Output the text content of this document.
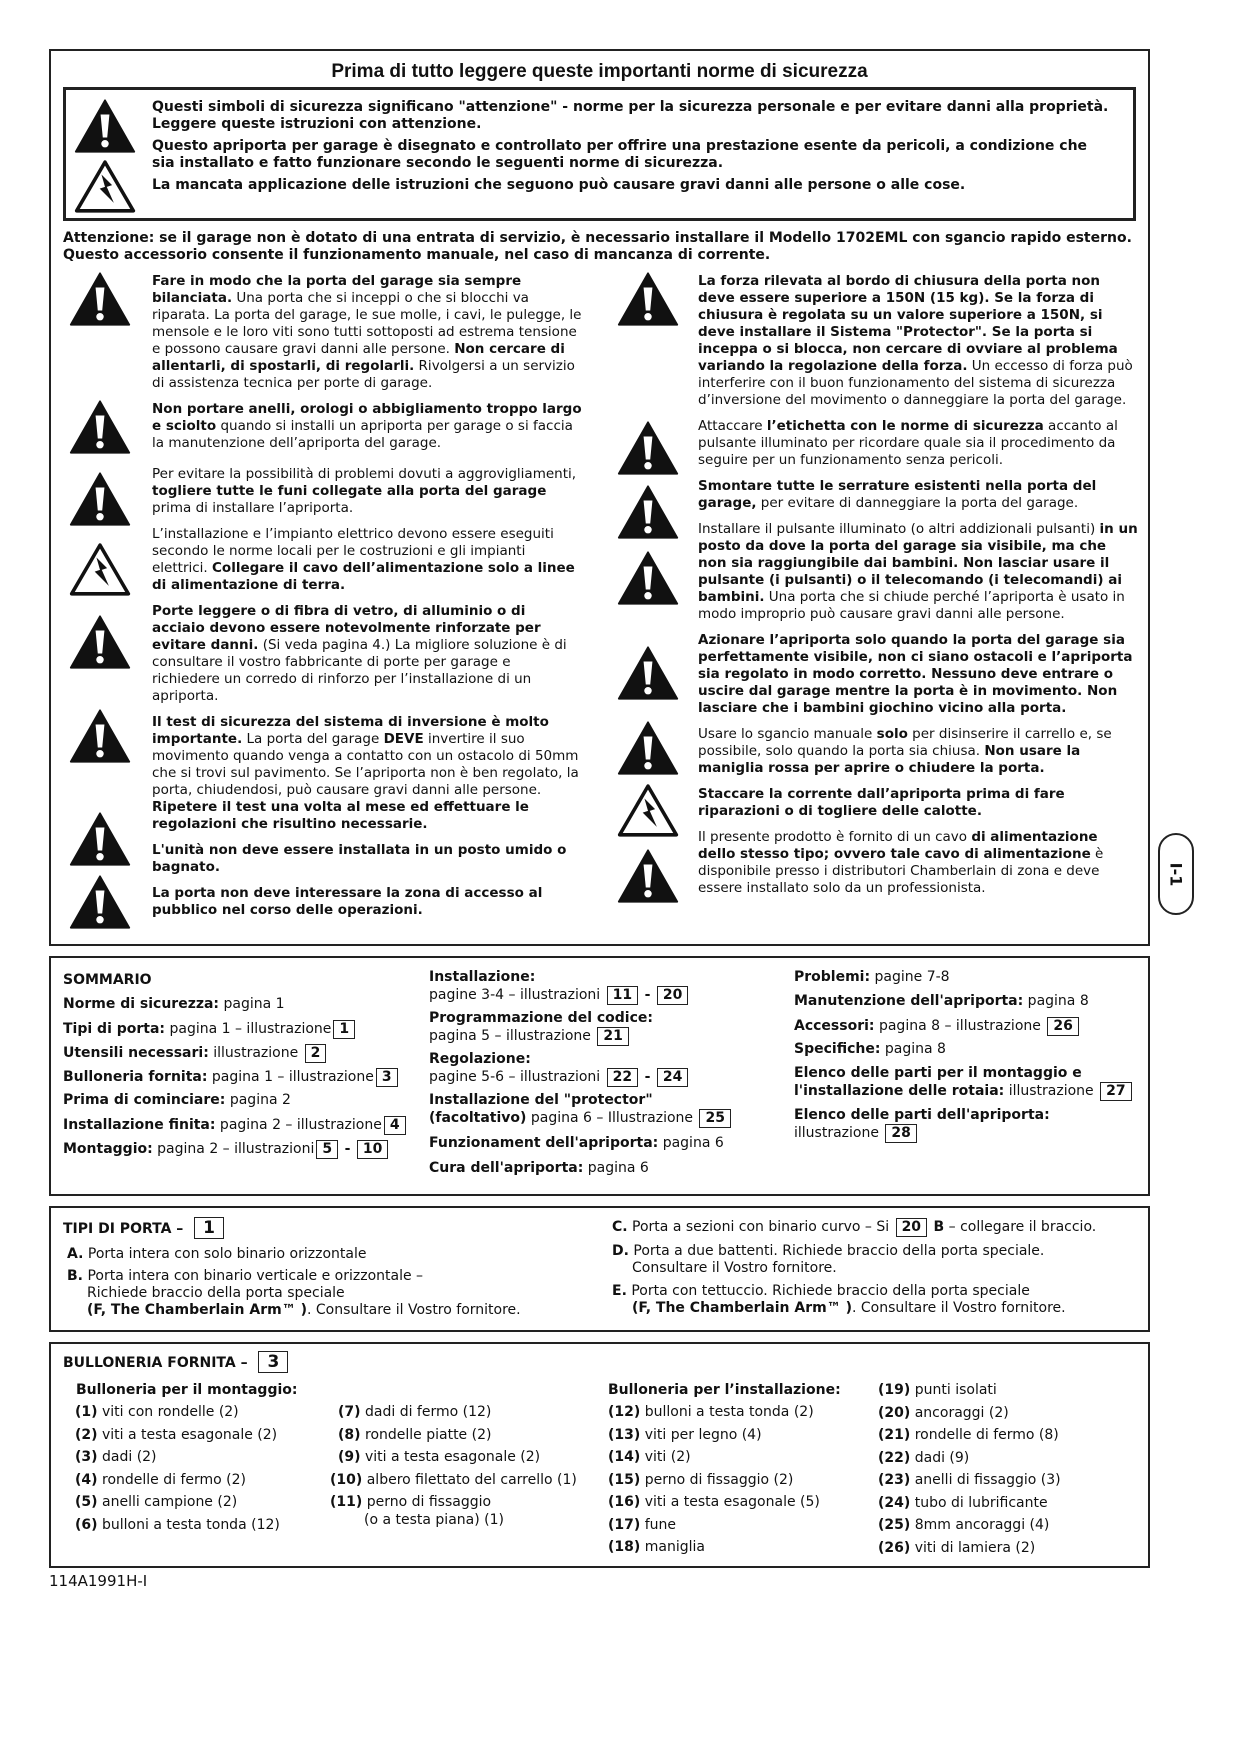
Prima di tutto leggere queste importanti norme di sicurezza

Questi simboli di sicurezza significano "attenzione" - norme per la sicurezza personale e per evitare danni alla proprietà. Leggere queste istruzioni con attenzione.

Questo apriporta per garage è disegnato e controllato per offrire una prestazione esente da pericoli, a condizione che sia installato e fatto funzionare secondo le seguenti norme di sicurezza.

La mancata applicazione delle istruzioni che seguono può causare gravi danni alle persone o alle cose.

Attenzione: se il garage non è dotato di una entrata di servizio, è necessario installare il Modello 1702EML con sgancio rapido esterno. Questo accessorio consente il funzionamento manuale, nel caso di mancanza di corrente.

Fare in modo che la porta del garage sia sempre bilanciata. Una porta che si inceppi o che si blocchi va riparata. La porta del garage, le sue molle, i cavi, le pulegge, le mensole e le loro viti sono tutti sottoposti ad estrema tensione e possono causare gravi danni alle persone. Non cercare di allentarli, di spostarli, di regolarli. Rivolgersi a un servizio di assistenza tecnica per porte di garage.

Non portare anelli, orologi o abbigliamento troppo largo e sciolto quando si installi un apriporta per garage o si faccia la manutenzione dell’apriporta del garage.

Per evitare la possibilità di problemi dovuti a aggrovigliamenti, togliere tutte le funi collegate alla porta del garage prima di installare l’apriporta.

L’installazione e l’impianto elettrico devono essere eseguiti secondo le norme locali per le costruzioni e gli impianti elettrici. Collegare il cavo dell’alimentazione solo a linee di alimentazione di terra.

Porte leggere o di fibra di vetro, di alluminio o di acciaio devono essere notevolmente rinforzate per evitare danni. (Si veda pagina 4.) La migliore soluzione è di consultare il vostro fabbricante di porte per garage e richiedere un corredo di rinforzo per l’installazione di un apriporta.

Il test di sicurezza del sistema di inversione è molto importante. La porta del garage DEVE invertire il suo movimento quando venga a contatto con un ostacolo di 50mm che si trovi sul pavimento. Se l’apriporta non è ben regolato, la porta, chiudendosi, può causare gravi danni alle persone. Ripetere il test una volta al mese ed effettuare le regolazioni che risultino necessarie.

L'unità non deve essere installata in un posto umido o bagnato.

La porta non deve interessare la zona di accesso al pubblico nel corso delle operazioni.

La forza rilevata al bordo di chiusura della porta non deve essere superiore a 150N (15 kg). Se la forza di chiusura è regolata su un valore superiore a 150N, si deve installare il Sistema "Protector". Se la porta si inceppa o si blocca, non cercare di ovviare al problema variando la regolazione della forza. Un eccesso di forza può interferire con il buon funzionamento del sistema di sicurezza d’inversione del movimento o danneggiare la porta del garage.

Attaccare l’etichetta con le norme di sicurezza accanto al pulsante illuminato per ricordare quale sia il procedimento da seguire per un funzionamento senza pericoli.

Smontare tutte le serrature esistenti nella porta del garage, per evitare di danneggiare la porta del garage.

Installare il pulsante illuminato (o altri addizionali pulsanti) in un posto da dove la porta del garage sia visibile, ma che non sia raggiungibile dai bambini. Non lasciar usare il pulsante (i pulsanti) o il telecomando (i telecomandi) ai bambini. Una porta che si chiude perché l’apriporta è usato in modo improprio può causare gravi danni alle persone.

Azionare l’apriporta solo quando la porta del garage sia perfettamente visibile, non ci siano ostacoli e l’apriporta sia regolato in modo corretto. Nessuno deve entrare o uscire dal garage mentre la porta è in movimento. Non lasciare che i bambini giochino vicino alla porta.

Usare lo sgancio manuale solo per disinserire il carrello e, se possibile, solo quando la porta sia chiusa. Non usare la maniglia rossa per aprire o chiudere la porta.

Staccare la corrente dall’apriporta prima di fare riparazioni o di togliere delle calotte.

Il presente prodotto è fornito di un cavo di alimentazione dello stesso tipo; ovvero tale cavo di alimentazione è disponibile presso i distributori Chamberlain di zona e deve essere installato solo da un professionista.

I-1
SOMMARIO
Norme di sicurezza: pagina 1
Tipi di porta: pagina 1 – illustrazione 1
Utensili necessari: illustrazione 2
Bulloneria fornita: pagina 1 – illustrazione 3
Prima di cominciare: pagina 2
Installazione finita: pagina 2 – illustrazione 4
Montaggio: pagina 2 – illustrazioni 5 - 10
Installazione:
pagine 3-4 – illustrazioni 11 - 20
Programmazione del codice:
pagina 5 – illustrazione 21
Regolazione:
pagine 5-6 – illustrazioni 22 - 24
Installazione del "protector"
(facoltativo) pagina 6 – Illustrazione 25
Funzionament dell'apriporta: pagina 6
Cura dell'apriporta: pagina 6
Problemi: pagine 7-8
Manutenzione dell'apriporta: pagina 8
Accessori: pagina 8 – illustrazione 26
Specifiche: pagina 8
Elenco delle parti per il montaggio e l'installazione delle rotaia: illustrazione 27
Elenco delle parti dell'apriporta:
illustrazione 28
TIPI DI PORTA – 1
A. Porta intera con solo binario orizzontale
B. Porta intera con binario verticale e orizzontale –
Richiede braccio della porta speciale
(F, The Chamberlain Arm™ ). Consultare il Vostro fornitore.
C. Porta a sezioni con binario curvo – Si 20 B – collegare il braccio.
D. Porta a due battenti. Richiede braccio della porta speciale.
Consultare il Vostro fornitore.
E. Porta con tettuccio. Richiede braccio della porta speciale
(F, The Chamberlain Arm™ ). Consultare il Vostro fornitore.
BULLONERIA FORNITA – 3
Bulloneria per il montaggio:	Bulloneria per l’installazione:
(1) viti con rondelle (2)
(2) viti a testa esagonale (2)
(3) dadi (2)
(4) rondelle di fermo (2)
(5) anelli campione (2)
(6) bulloni a testa tonda (12)
(7) dadi di fermo (12)
(8) rondelle piatte (2)
(9) viti a testa esagonale (2)
(10) albero filettato del carrello (1)
(11) perno di fissaggio
(o a testa piana) (1)
(12) bulloni a testa tonda (2)
(13) viti per legno (4)
(14) viti (2)
(15) perno di fissaggio (2)
(16) viti a testa esagonale (5)
(17) fune
(18) maniglia
(19) punti isolati
(20) ancoraggi (2)
(21) rondelle di fermo (8)
(22) dadi (9)
(23) anelli di fissaggio (3)
(24) tubo di lubrificante
(25) 8mm ancoraggi (4)
(26) viti di lamiera (2)
114A1991H-I
